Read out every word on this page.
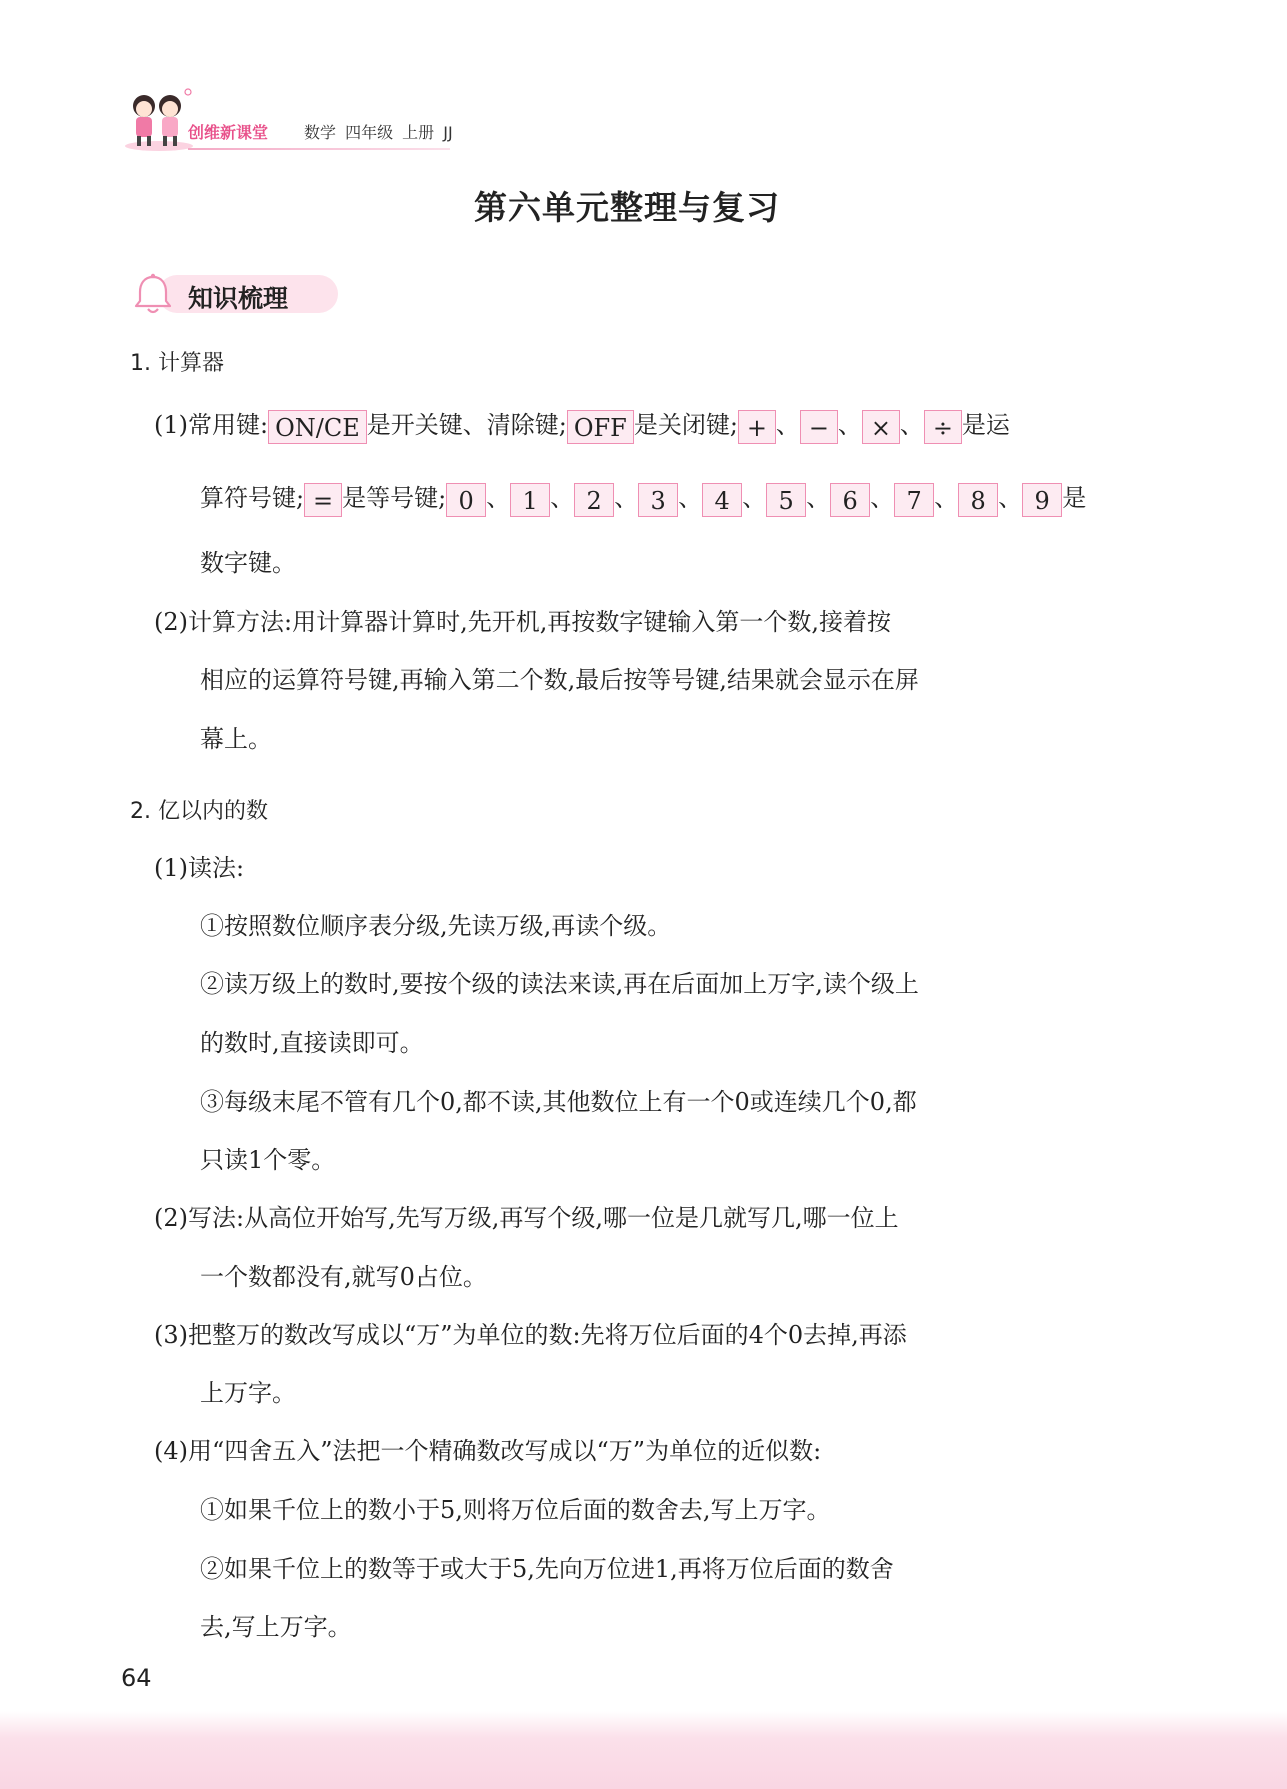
创维新课堂 数学 四年级 上册 JJ
第六单元整理与复习
知识梳理
1. 计算器
(1)常用键: ON/CE 是开关键、清除键; OFF 是关闭键; + 、 − 、 × 、 ÷ 是运
算符号键; = 是等号键; 0 、 1 、 2 、 3 、 4 、 5 、 6 、 7 、 8 、 9 是
数字键。
(2)计算方法:用计算器计算时,先开机,再按数字键输入第一个数,接着按
相应的运算符号键,再输入第二个数,最后按等号键,结果就会显示在屏
幕上。
2. 亿以内的数
(1)读法:
①按照数位顺序表分级,先读万级,再读个级。
②读万级上的数时,要按个级的读法来读,再在后面加上万字,读个级上
的数时,直接读即可。
③每级末尾不管有几个0,都不读,其他数位上有一个0或连续几个0,都
只读1个零。
(2)写法:从高位开始写,先写万级,再写个级,哪一位是几就写几,哪一位上
一个数都没有,就写0占位。
(3)把整万的数改写成以“万”为单位的数:先将万位后面的4个0去掉,再添
上万字。
(4)用“四舍五入”法把一个精确数改写成以“万”为单位的近似数:
①如果千位上的数小于5,则将万位后面的数舍去,写上万字。
②如果千位上的数等于或大于5,先向万位进1,再将万位后面的数舍
去,写上万字。
64
